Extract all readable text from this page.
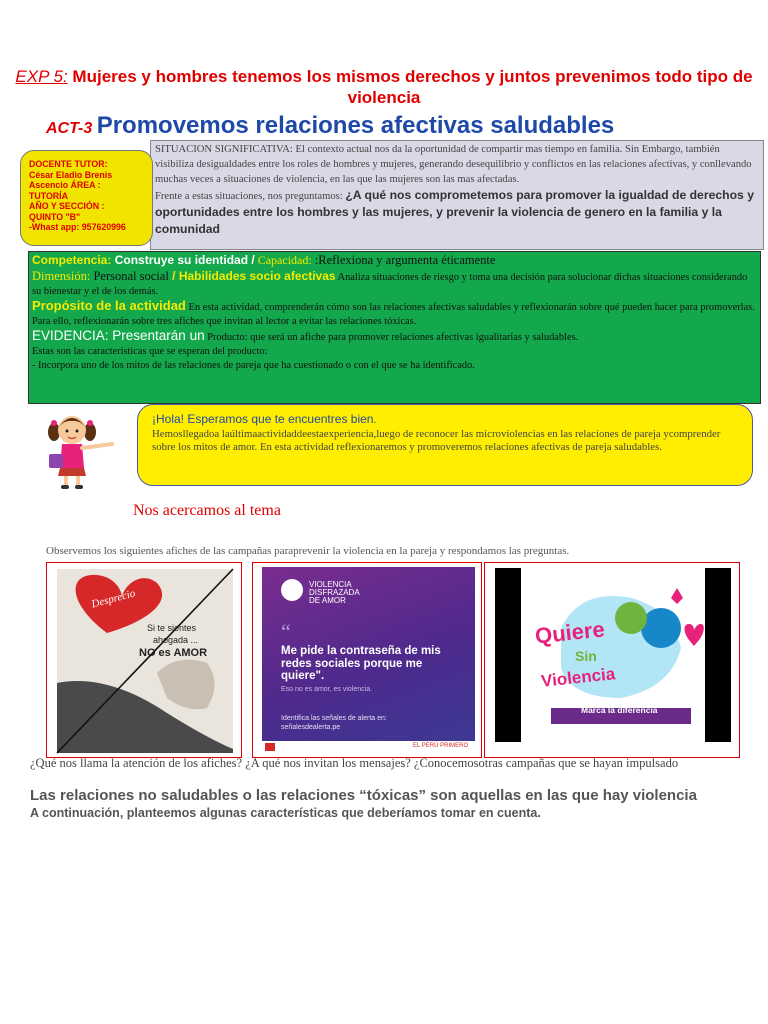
EXP 5: Mujeres y hombres tenemos los mismos derechos y juntos prevenimos todo tipo de violencia
ACT-3 Promovemos relaciones afectivas saludables
SITUACION SIGNIFICATIVA: El contexto actual nos da la oportunidad de compartir mas tiempo en familia. Sin Embargo, también visibiliza desigualdades entre los roles de hombres y mujeres, generando desequilibrio y conflictos en las relaciones afectivas, y conllevando muchas veces a situaciones de violencia, en las que las mujeres son las mas afectadas.
Frente a estas situaciones, nos preguntamos: ¿A qué nos comprometemos para promover la igualdad de derechos y oportunidades entre los hombres y las mujeres, y prevenir la violencia de genero en la familia y la comunidad
DOCENTE TUTOR:
César Eladio Brenis
Ascencio ÁREA :
TUTORÍA
AÑO Y SECCIÓN :
QUINTO "B"
-Whast app: 957620996
Competencia: Construye su identidad / Capacidad: :Reflexiona y argumenta éticamente
Dimensión: Personal social / Habilidades socio afectivas Analiza situaciones de riesgo y toma una decisión para solucionar dichas situaciones considerando su bienestar y el de los demás.
Propósito de la actividad En esta actividad, comprenderán cómo son las relaciones afectivas saludables y reflexionarán sobre qué pueden hacer para promoverlas. Para ello, reflexionarán sobre tres afiches que invitan al lector a evitar las relaciones tóxicas.
EVIDENCIA: Presentarán un Producto: que será un afiche para promover relaciones afectivas igualitarias y saludables.
Estas son las características que se esperan del producto:
- Incorpora uno de los mitos de las relaciones de pareja que ha cuestionado o con el que se ha identificado.
¡Hola! Esperamos que te encuentres bien.
Hemosllegadoa laúltimaactividaddeestaexperiencia,luego de reconocer las microviolencias en las relaciones de pareja ycomprender sobre los mitos de amor. En esta actividad reflexionaremos y promoveremos relaciones afectivas de pareja saludables.
Nos acercamos al tema
Observemos los siguientes afiches de las campañas paraprevenir la violencia en la pareja y respondamos las preguntas.
Desprecio
Si te sientes
ahogada ...
NO es AMOR
VIOLENCIA
DISFRAZADA
DE AMOR
“
Me pide la contraseña de mis redes sociales porque me quiere".
Eso no es amor, es violencia.
Identifica las señales de alerta en:
señalesdealerta.pe
EL PERÚ PRIMERO
Quiere
Sin
Violencia
Marca la diferencia
¿Qué nos llama la atención de los afiches? ¿A qué nos invitan los mensajes? ¿Conocemosotras campañas que se hayan impulsado
Las relaciones no saludables o las relaciones “tóxicas” son aquellas en las que hay violencia
A continuación, planteemos algunas características que deberíamos tomar en cuenta.
